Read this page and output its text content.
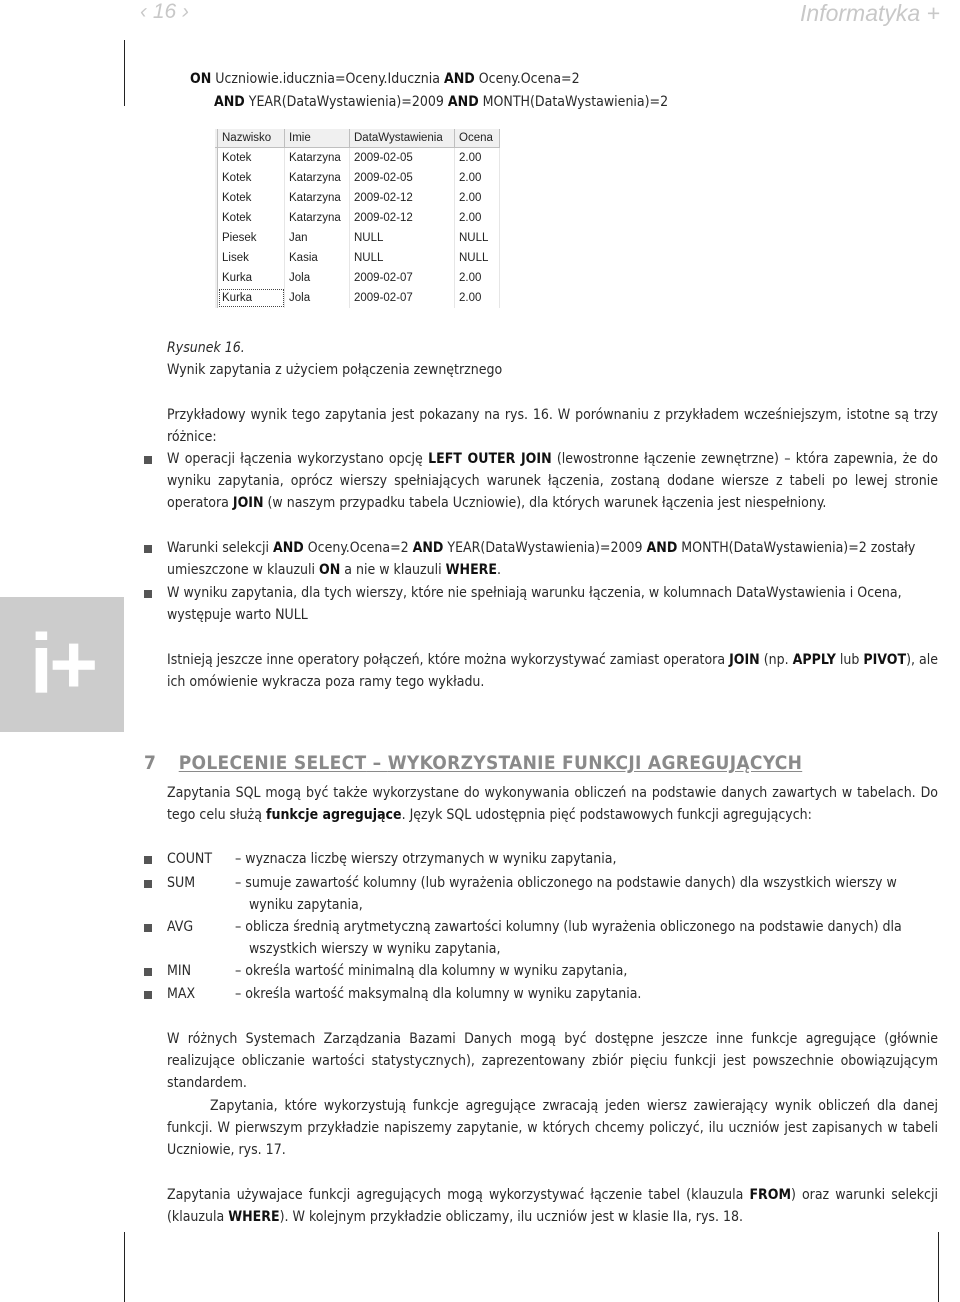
‹ 16 ›	Informatyka +
i+
ON Uczniowie.iducznia=Oceny.Iducznia AND Oceny.Ocena=2
AND YEAR(DataWystawienia)=2009 AND MONTH(DataWystawienia)=2
	Nazwisko	Imie	DataWystawienia	Ocena
	Kotek	Katarzyna	2009-02-05	2.00
	Kotek	Katarzyna	2009-02-05	2.00
	Kotek	Katarzyna	2009-02-12	2.00
	Kotek	Katarzyna	2009-02-12	2.00
	Piesek	Jan	NULL	NULL
	Lisek	Kasia	NULL	NULL
	Kurka	Jola	2009-02-07	2.00
	Kurka	Jola	2009-02-07	2.00
Rysunek 16.
Wynik zapytania z użyciem połączenia zewnętrznego
Przykładowy wynik tego zapytania jest pokazany na rys. 16. W porównaniu z przykładem wcześniejszym, istotne są trzy różnice:
W operacji łączenia wykorzystano opcję LEFT OUTER JOIN (lewostronne łączenie zewnętrzne) – która zapewnia, że do wyniku zapytania, oprócz wierszy spełniających warunek łączenia, zostaną dodane wiersze z tabeli po lewej stronie operatora JOIN (w naszym przypadku tabela Uczniowie), dla których warunek łączenia jest niespełniony.
Warunki selekcji AND Oceny.Ocena=2 AND YEAR(DataWystawienia)=2009 AND MONTH(DataWystawienia)=2 zostały umieszczone w klauzuli ON a nie w klauzuli WHERE.
W wyniku zapytania, dla tych wierszy, które nie spełniają warunku łączenia, w kolumnach DataWystawienia i Ocena, występuje warto NULL
Istnieją jeszcze inne operatory połączeń, które można wykorzystywać zamiast operatora JOIN (np. APPLY lub PIVOT), ale ich omówienie wykracza poza ramy tego wykładu.
7 POLECENIE SELECT – WYKORZYSTANIE FUNKCJI AGREGUJĄCYCH
Zapytania SQL mogą być także wykorzystane do wykonywania obliczeń na podstawie danych zawartych w tabelach. Do tego celu służą funkcje agregujące. Język SQL udostępnia pięć podstawowych funkcji agregujących:
COUNT	– wyznacza liczbę wierszy otrzymanych w wyniku zapytania,
SUM	– sumuje zawartość kolumny (lub wyrażenia obliczonego na podstawie danych) dla wszystkich wierszy w wyniku zapytania,
AVG	– oblicza średnią arytmetyczną zawartości kolumny (lub wyrażenia obliczonego na podstawie danych) dla wszystkich wierszy w wyniku zapytania,
MIN	– określa wartość minimalną dla kolumny w wyniku zapytania,
MAX	– określa wartość maksymalną dla kolumny w wyniku zapytania.
W różnych Systemach Zarządzania Bazami Danych mogą być dostępne jeszcze inne funkcje agregujące (głównie realizujące obliczanie wartości statystycznych), zaprezentowany zbiór pięciu funkcji jest powszechnie obowiązującym standardem.
Zapytania, które wykorzystują funkcje agregujące zwracają jeden wiersz zawierający wynik obliczeń dla danej funkcji. W pierwszym przykładzie napiszemy zapytanie, w których chcemy policzyć, ilu uczniów jest zapisanych w tabeli Uczniowie, rys. 17.
Zapytania używajace funkcji agregujących mogą wykorzystywać łączenie tabel (klauzula FROM) oraz warunki selekcji (klauzula WHERE). W kolejnym przykładzie obliczamy, ilu uczniów jest w klasie IIa, rys. 18.
